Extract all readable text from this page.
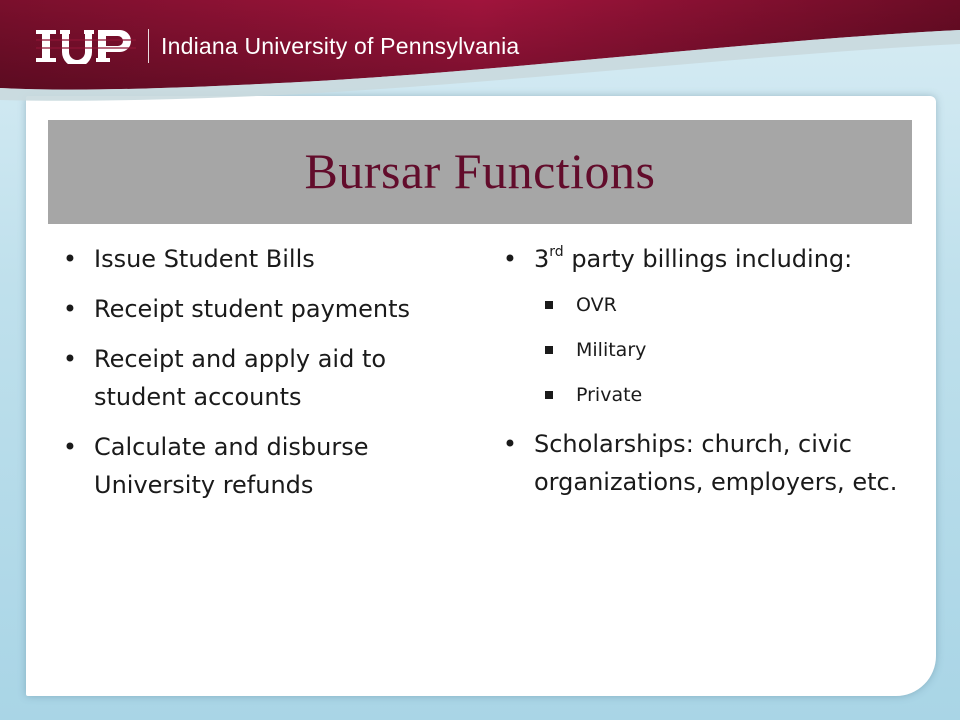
Indiana University of Pennsylvania
Bursar Functions
• Issue Student Bills
• Receipt student payments
• Receipt and apply aid to student accounts
• Calculate and disburse University refunds
• 3rd party billings including:
OVR
Military
Private
• Scholarships: church, civic organizations, employers, etc.
